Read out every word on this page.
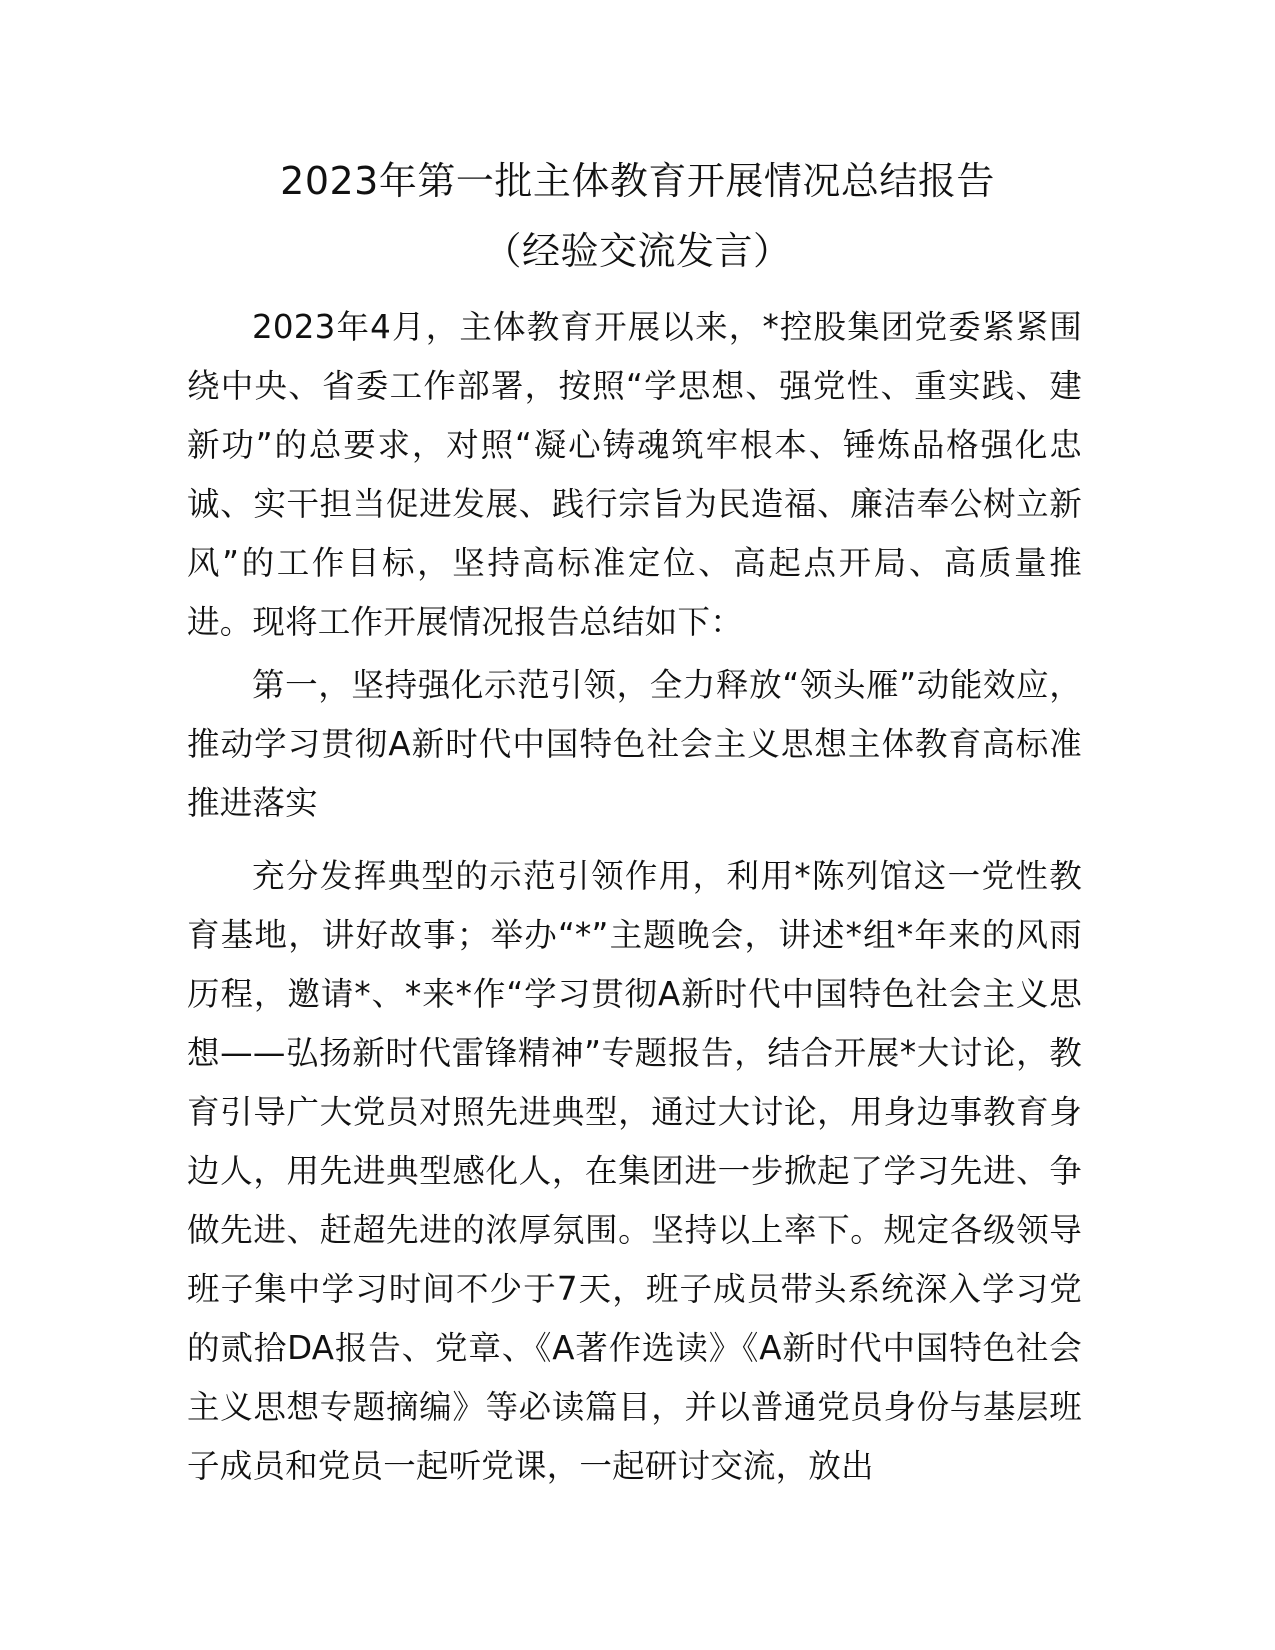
2023年第一批主体教育开展情况总结报告
（经验交流发言）

2023年4月，主体教育开展以来，*控股集团党委紧紧围绕中央、省委工作部署，按照“学思想、强党性、重实践、建新功”的总要求，对照“凝心铸魂筑牢根本、锤炼品格强化忠诚、实干担当促进发展、践行宗旨为民造福、廉洁奉公树立新风”的工作目标，坚持高标准定位、高起点开局、高质量推进。现将工作开展情况报告总结如下：

第一，坚持强化示范引领，全力释放“领头雁”动能效应，推动学习贯彻A新时代中国特色社会主义思想主体教育高标准推进落实

充分发挥典型的示范引领作用，利用*陈列馆这一党性教育基地，讲好故事；举办“*”主题晚会，讲述*组*年来的风雨历程，邀请*、*来*作“学习贯彻A新时代中国特色社会主义思想——弘扬新时代雷锋精神”专题报告，结合开展*大讨论，教育引导广大党员对照先进典型，通过大讨论，用身边事教育身边人，用先进典型感化人，在集团进一步掀起了学习先进、争做先进、赶超先进的浓厚氛围。坚持以上率下。规定各级领导班子集中学习时间不少于7天，班子成员带头系统深入学习党的贰拾DA报告、党章、《A著作选读》《A新时代中国特色社会主义思想专题摘编》等必读篇目，并以普通党员身份与基层班子成员和党员一起听党课，一起研讨交流，放出
